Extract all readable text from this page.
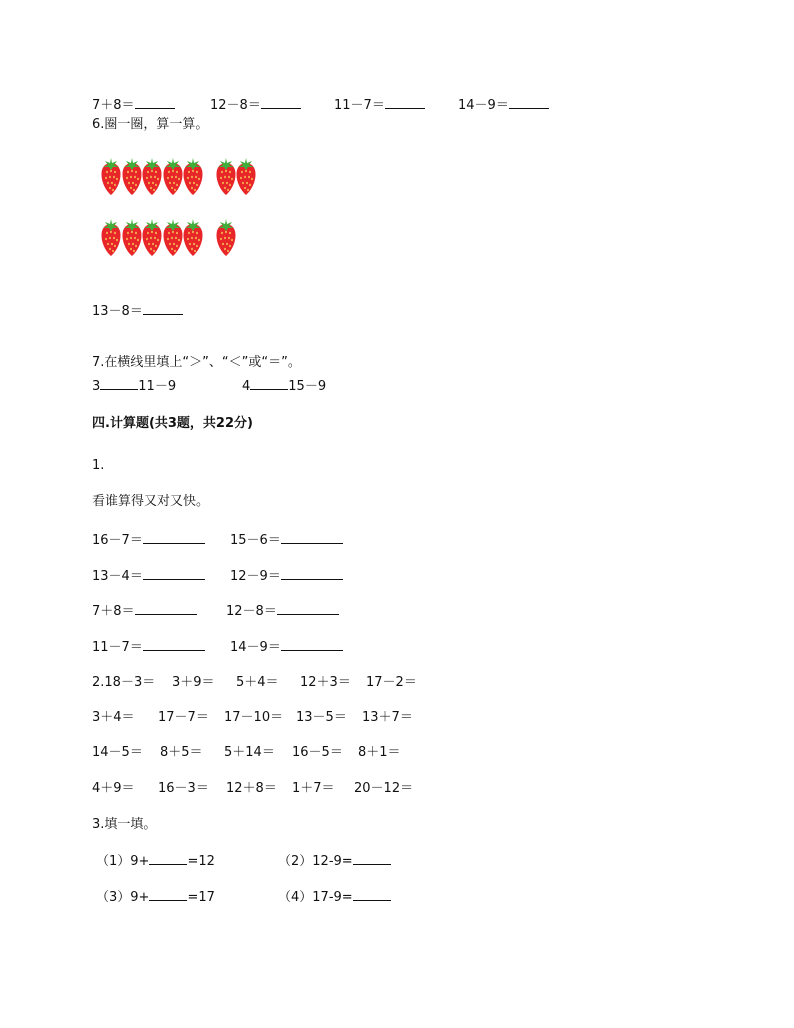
7＋8＝	12－8＝	11－7＝	14－9＝
6.圈一圈，算一算。
13－8＝
7.在横线里填上“＞”、“＜”或“＝”。
3	11－9	4	15－9
四.计算题(共3题，共22分)
1.
看谁算得又对又快。
16－7＝	15－6＝
13－4＝	12－9＝
7＋8＝	12－8＝
11－7＝	14－9＝
2.18－3＝ 3＋9＝ 5＋4＝ 12＋3＝ 17－2＝
3＋4＝ 17－7＝ 17－10＝ 13－5＝ 13＋7＝
14－5＝ 8＋5＝ 5＋14＝ 16－5＝ 8＋1＝
4＋9＝ 16－3＝ 12＋8＝ 1＋7＝ 20－12＝
3.填一填。
（1）9+	=12	（2）12-9=
（3）9+	=17	（4）17-9=
